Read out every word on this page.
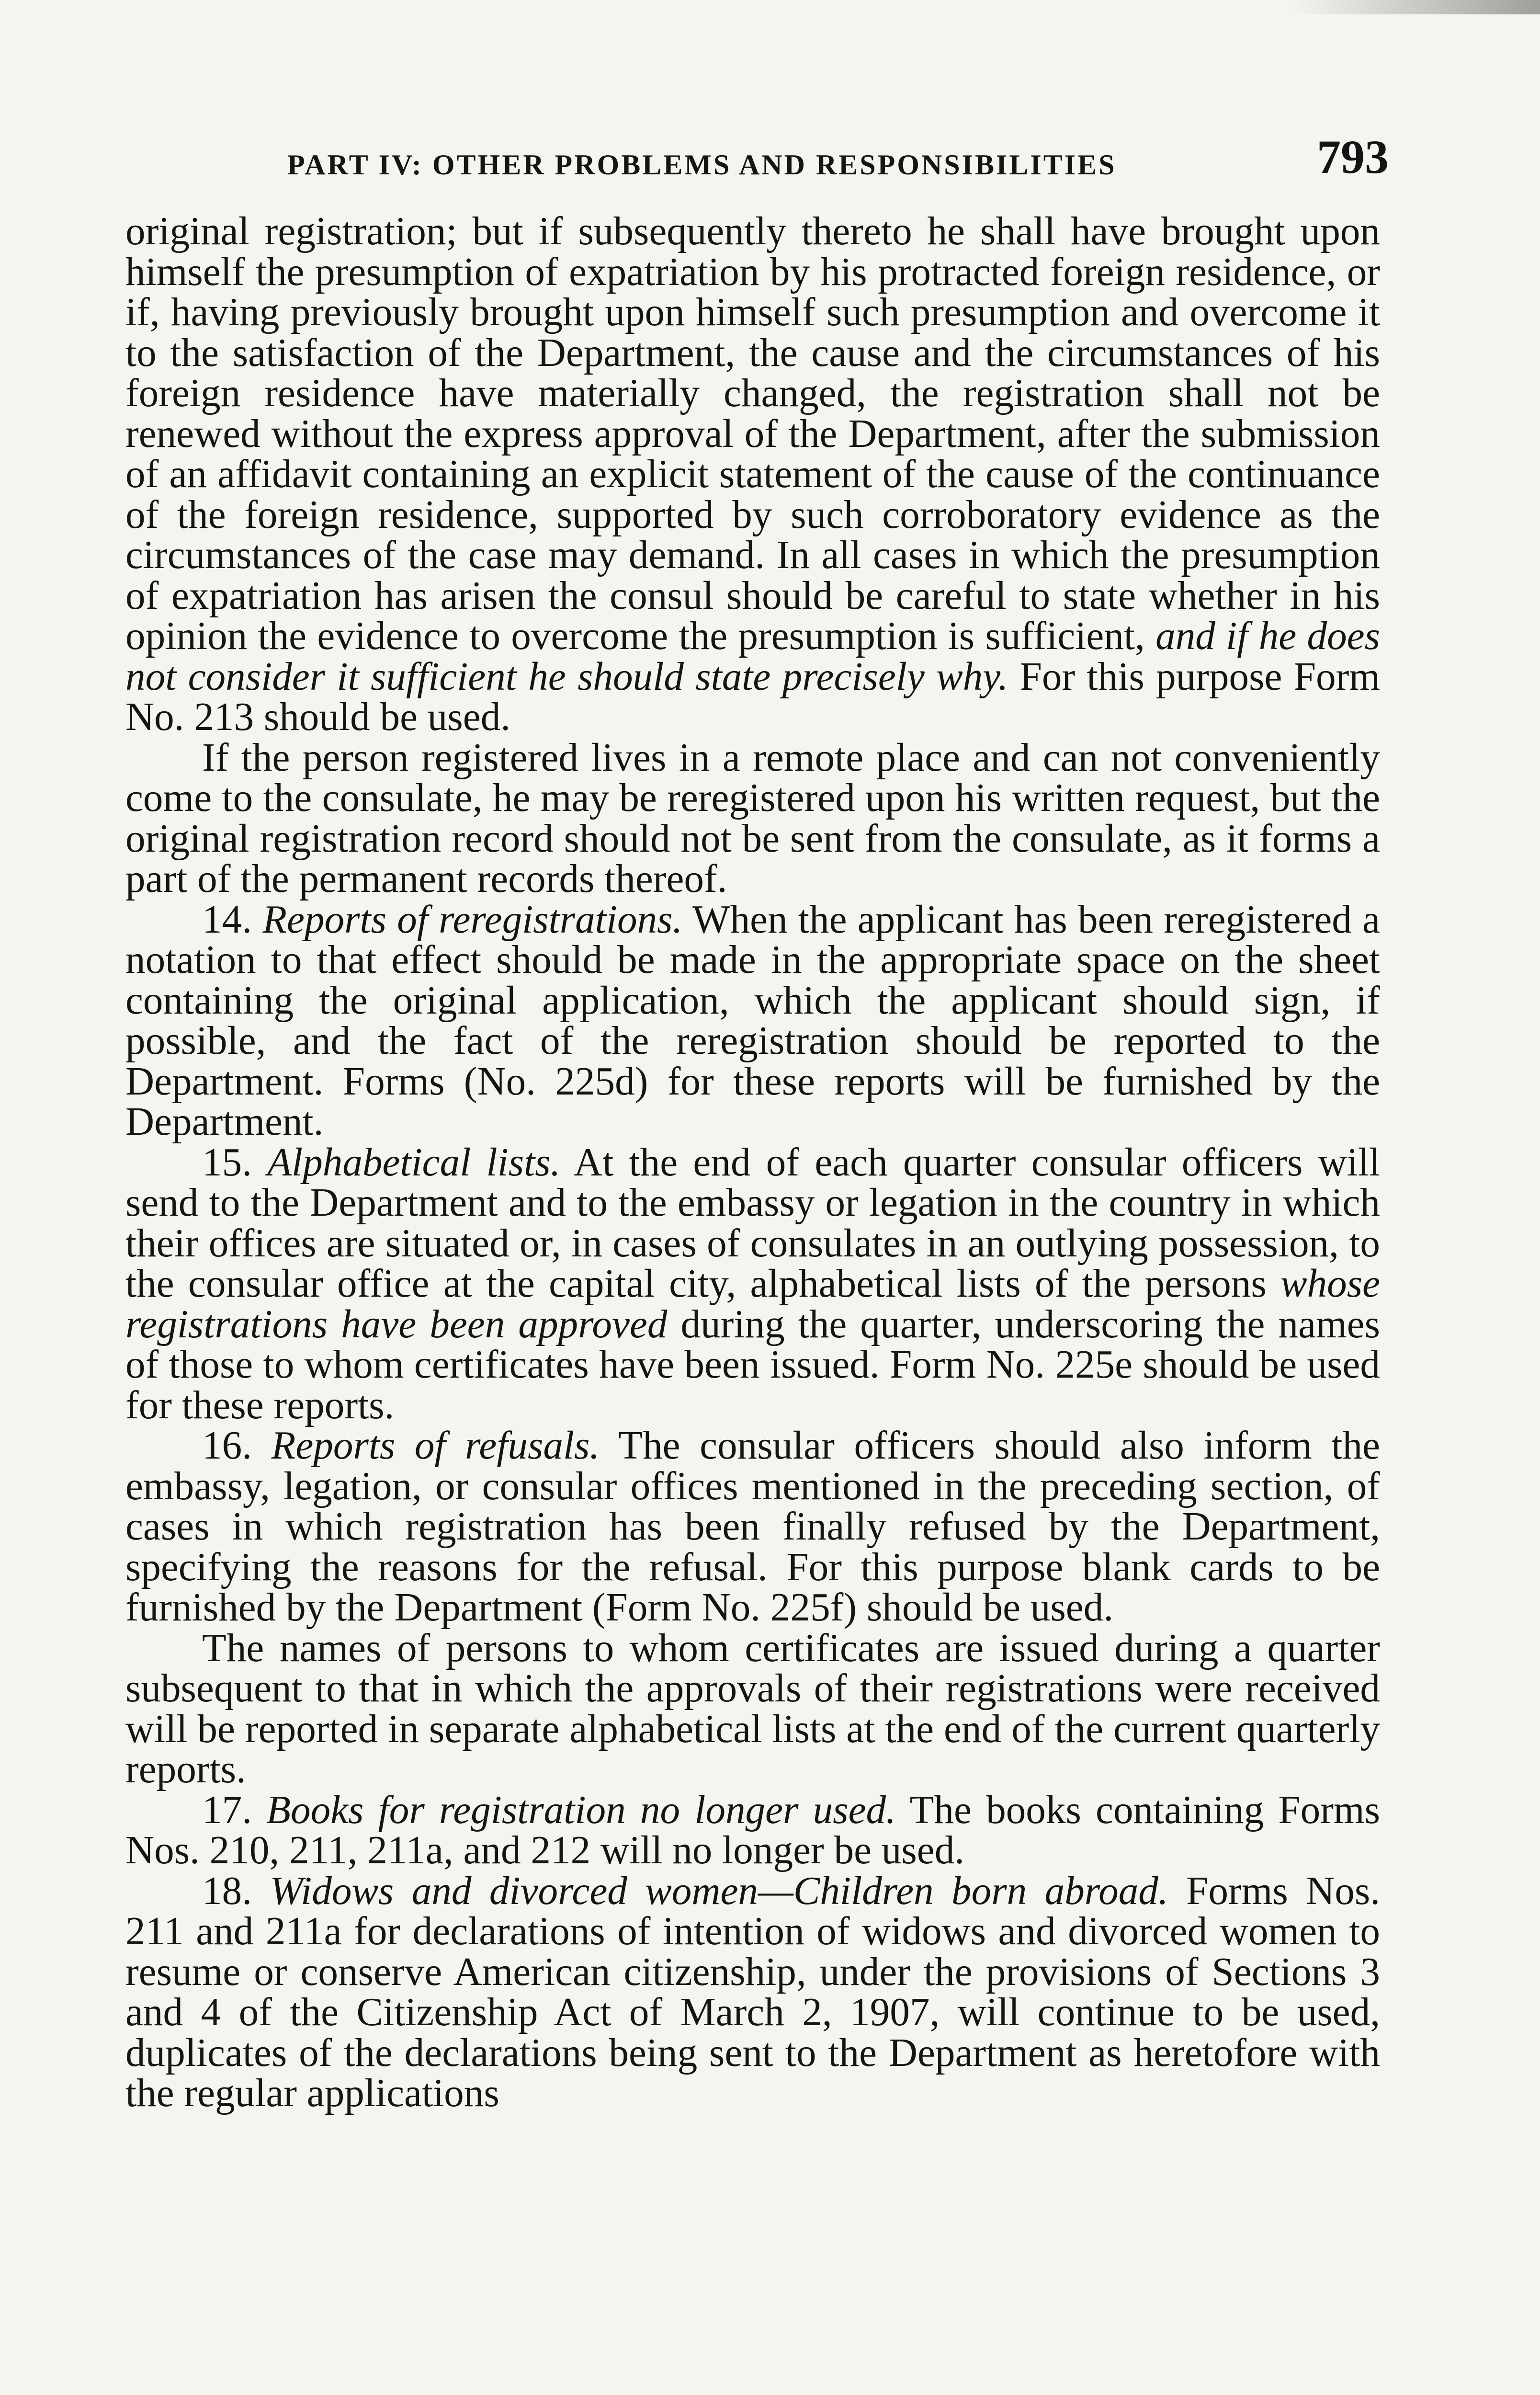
PART IV: OTHER PROBLEMS AND RESPONSIBILITIES	793

original registration; but if subsequently thereto he shall have brought upon himself the presumption of expatriation by his protracted foreign residence, or if, having previously brought upon himself such presumption and overcome it to the satisfaction of the Department, the cause and the circumstances of his foreign residence have materially changed, the registration shall not be renewed without the express approval of the Department, after the submission of an affidavit containing an explicit statement of the cause of the continuance of the foreign residence, supported by such corroboratory evidence as the circumstances of the case may demand. In all cases in which the presumption of expatriation has arisen the consul should be careful to state whether in his opinion the evidence to overcome the presumption is sufficient, and if he does not consider it sufficient he should state precisely why. For this purpose Form No. 213 should be used.

If the person registered lives in a remote place and can not conveniently come to the consulate, he may be reregistered upon his written request, but the original registration record should not be sent from the consulate, as it forms a part of the permanent records thereof.

14. Reports of reregistrations. When the applicant has been reregistered a notation to that effect should be made in the appropriate space on the sheet containing the original application, which the applicant should sign, if possible, and the fact of the reregistration should be reported to the Department. Forms (No. 225d) for these reports will be furnished by the Department.

15. Alphabetical lists. At the end of each quarter consular officers will send to the Department and to the embassy or legation in the country in which their offices are situated or, in cases of consulates in an outlying possession, to the consular office at the capital city, alphabetical lists of the persons whose registrations have been approved during the quarter, underscoring the names of those to whom certificates have been issued. Form No. 225e should be used for these reports.

16. Reports of refusals. The consular officers should also inform the embassy, legation, or consular offices mentioned in the preceding section, of cases in which registration has been finally refused by the Department, specifying the reasons for the refusal. For this purpose blank cards to be furnished by the Department (Form No. 225f) should be used.

The names of persons to whom certificates are issued during a quarter subsequent to that in which the approvals of their registrations were received will be reported in separate alphabetical lists at the end of the current quarterly reports.

17. Books for registration no longer used. The books containing Forms Nos. 210, 211, 211a, and 212 will no longer be used.

18. Widows and divorced women—Children born abroad. Forms Nos. 211 and 211a for declarations of intention of widows and divorced women to resume or conserve American citizenship, under the provisions of Sections 3 and 4 of the Citizenship Act of March 2, 1907, will continue to be used, duplicates of the declarations being sent to the Department as heretofore with the regular applications
